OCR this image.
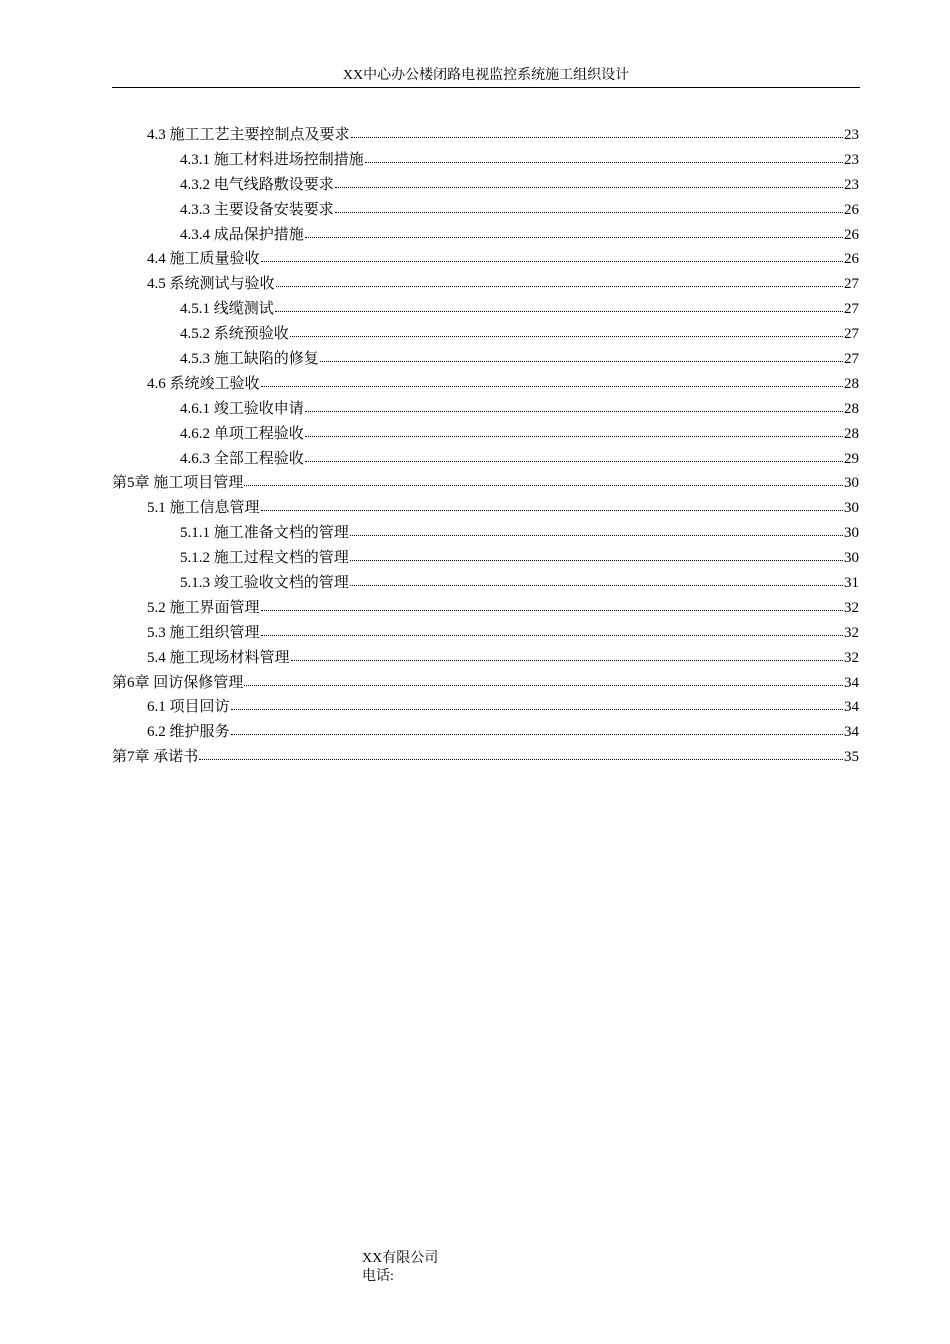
XX中心办公楼闭路电视监控系统施工组织设计
4.3 施工工艺主要控制点及要求	23
4.3.1 施工材料进场控制措施	23
4.3.2 电气线路敷设要求	23
4.3.3 主要设备安装要求	26
4.3.4 成品保护措施	26
4.4 施工质量验收	26
4.5 系统测试与验收	27
4.5.1 线缆测试	27
4.5.2 系统预验收	27
4.5.3 施工缺陷的修复	27
4.6 系统竣工验收	28
4.6.1 竣工验收申请	28
4.6.2 单项工程验收	28
4.6.3 全部工程验收	29
第5章 施工项目管理	30
5.1 施工信息管理	30
5.1.1 施工准备文档的管理	30
5.1.2 施工过程文档的管理	30
5.1.3 竣工验收文档的管理	31
5.2 施工界面管理	32
5.3 施工组织管理	32
5.4 施工现场材料管理	32
第6章 回访保修管理	34
6.1 项目回访	34
6.2 维护服务	34
第7章 承诺书	35
XX有限公司
电话:
